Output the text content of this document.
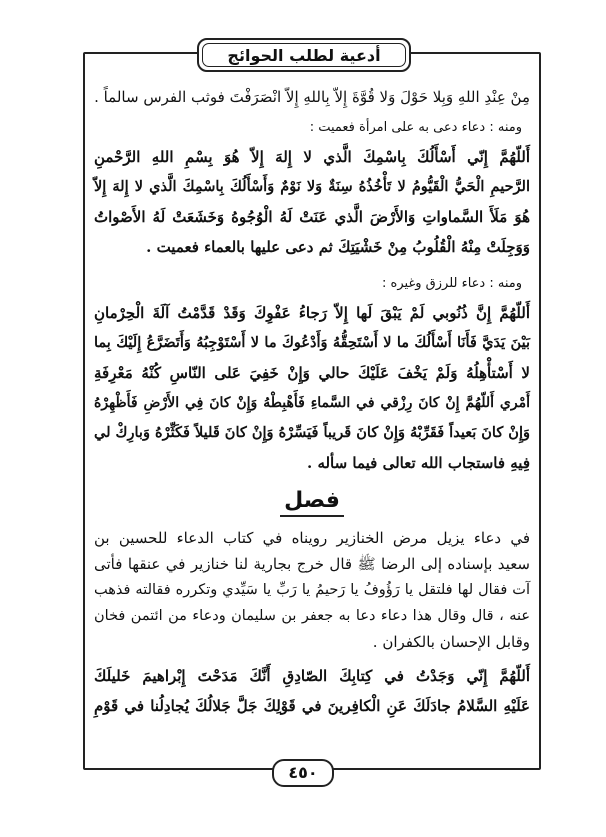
أدعية لطلب الحوائج
مِنْ عِنْدِ اللهِ وَبِلا حَوْلَ وَلا قُوَّةَ إِلاّ بِاللهِ إِلاّ انْصَرَفْتَ فوثب الفرس سالماً .
ومنه : دعاء دعى به على امرأة فعميت :
أَللّهُمَّ إِنّي أَسْأَلُكَ بِاسْمِكَ الَّذي لا إِلهَ إِلاّ هُوَ بِسْمِ اللهِ الرَّحْمنِ
الرَّحيمِ الْحَيُّ الْقَيُّومُ لا تَأْخُذُهُ سِنَةٌ وَلا نَوْمٌ وَأَسْأَلُكَ بِاسْمِكَ الَّذي لا إِلهَ إِلاّ
هُوَ مَلَأَ السَّماواتِ وَالأَرْضَ الَّذي عَنَتْ لَهُ الْوُجُوهُ وَخَشَعَتْ لَهُ الأَصْواتُ
وَوَجِلَتْ مِنْهُ الْقُلُوبُ مِنْ خَشْيَتِكَ ثم دعى عليها بالعماء فعميت .
ومنه : دعاء للرزق وغيره :
أَللّهُمَّ إِنَّ ذُنُوبي لَمْ يَبْقَ لَها إِلاّ رَجاءُ عَفْوِكَ وَقَدْ قَدَّمْتُ آلَةَ الْحِرْمانِ
بَيْنَ يَدَيَّ فَأَنَا أَسْأَلُكَ ما لا أَسْتَحِقُّهُ وَأَدْعُوكَ ما لا أَسْتَوْجِبُهُ وَأَتَضَرَّعُ إِلَيْكَ بِما
لا أَسْتأْهِلُهُ وَلَمْ يَخْفَ عَلَيْكَ حالي وَإِنْ خَفِيَ عَلى النّاسِ كُنْهُ مَعْرِفَةِ
أَمْري أَللّهُمَّ إِنْ كانَ رِزْقي في السَّماءِ فَأَهْبِطْهُ وَإِنْ كانَ فِي الأَرْضِ فَأَظْهِرْهُ
وَإِنْ كانَ بَعيداً فَقَرِّبْهُ وَإِنْ كانَ قَريباً فَيَسِّرْهُ وَإِنْ كانَ قَليلاً فَكَثِّرْهُ وَبارِكْ لي
فِيهِ فاستجاب الله تعالى فيما سأله .
فصل
في دعاء يزيل مرض الخنازير رويناه في كتاب الدعاء للحسين بن
سعيد بإسناده إلى الرضا ﷺ قال خرج بجارية لنا خنازير في عنقها فأتى
آت فقال لها فلتقل يا رَؤُوفُ يا رَحيمُ يا رَبِّ يا سَيِّدي وتكرره فقالته فذهب
عنه ، قال وقال هذا دعاء دعا به جعفر بن سليمان ودعاء من ائتمن فخان
وقابل الإحسان بالكفران .
أَللّهُمَّ إِنّي وَجَدْتُ في كِتابِكَ الصّادِقِ أَنَّكَ مَدَحْتَ إِبْراهيمَ خَليلَكَ
عَلَيْهِ السَّلامُ جادَلَكَ عَنِ الْكافِرينَ في قَوْلِكَ جَلَّ جَلالُكَ يُجادِلُنا في قَوْمِ
٤٥٠
